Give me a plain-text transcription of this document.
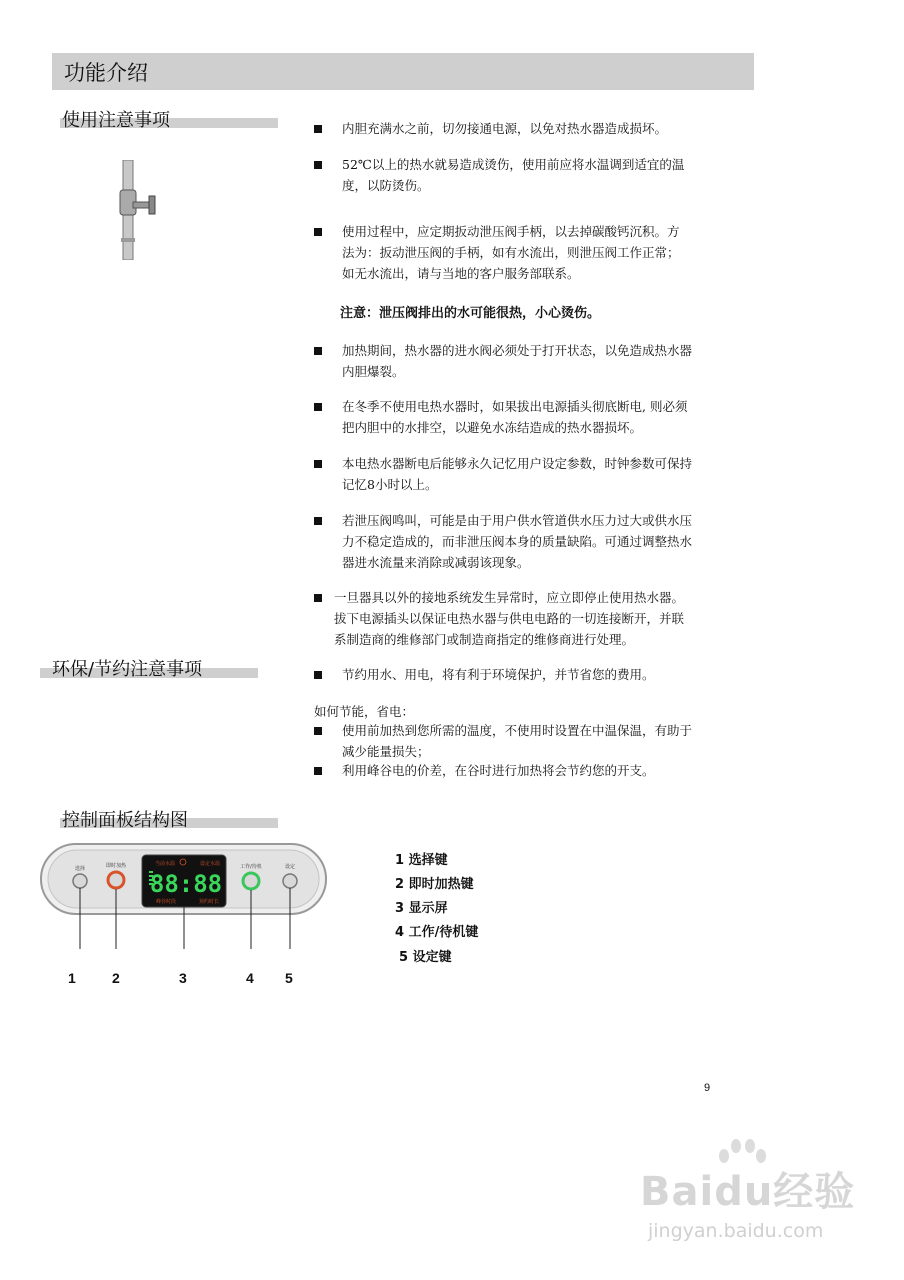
功能介绍
使用注意事项	内胆充满水之前，切勿接通电源，以免对热水器造成损坏。
52℃以上的热水就易造成烫伤，使用前应将水温调到适宜的温
度，以防烫伤。
使用过程中，应定期扳动泄压阀手柄，以去掉碳酸钙沉积。方
法为：扳动泄压阀的手柄，如有水流出，则泄压阀工作正常；
如无水流出，请与当地的客户服务部联系。
注意：泄压阀排出的水可能很热，小心烫伤。
加热期间，热水器的进水阀必须处于打开状态，以免造成热水器
内胆爆裂。
在冬季不使用电热水器时，如果拔出电源插头彻底断电, 则必须
把内胆中的水排空，以避免水冻结造成的热水器损坏。
本电热水器断电后能够永久记忆用户设定参数，时钟参数可保持
记忆8小时以上。
若泄压阀鸣叫，可能是由于用户供水管道供水压力过大或供水压
力不稳定造成的，而非泄压阀本身的质量缺陷。可通过调整热水
器进水流量来消除或减弱该现象。
一旦器具以外的接地系统发生异常时，应立即停止使用热水器。
拔下电源插头以保证电热水器与供电电路的一切连接断开，并联
系制造商的维修部门或制造商指定的维修商进行处理。
环保/节约注意事项	节约用水、用电，将有利于环境保护，并节省您的费用。
如何节能，省电：
使用前加热到您所需的温度，不使用时设置在中温保温，有助于
减少能量损失；
利用峰谷电的价差，在谷时进行加热将会节约您的开支。
控制面板结构图
选择	即时加热	当前水温	设定水温
88:88
峰谷时段	预约时长
工作/待机	设定
1	2	3	4 5
1 选择键
2 即时加热键
3 显示屏
4 工作/待机键
5 设定键
9
Baidu经验
jingyan.baidu.com
